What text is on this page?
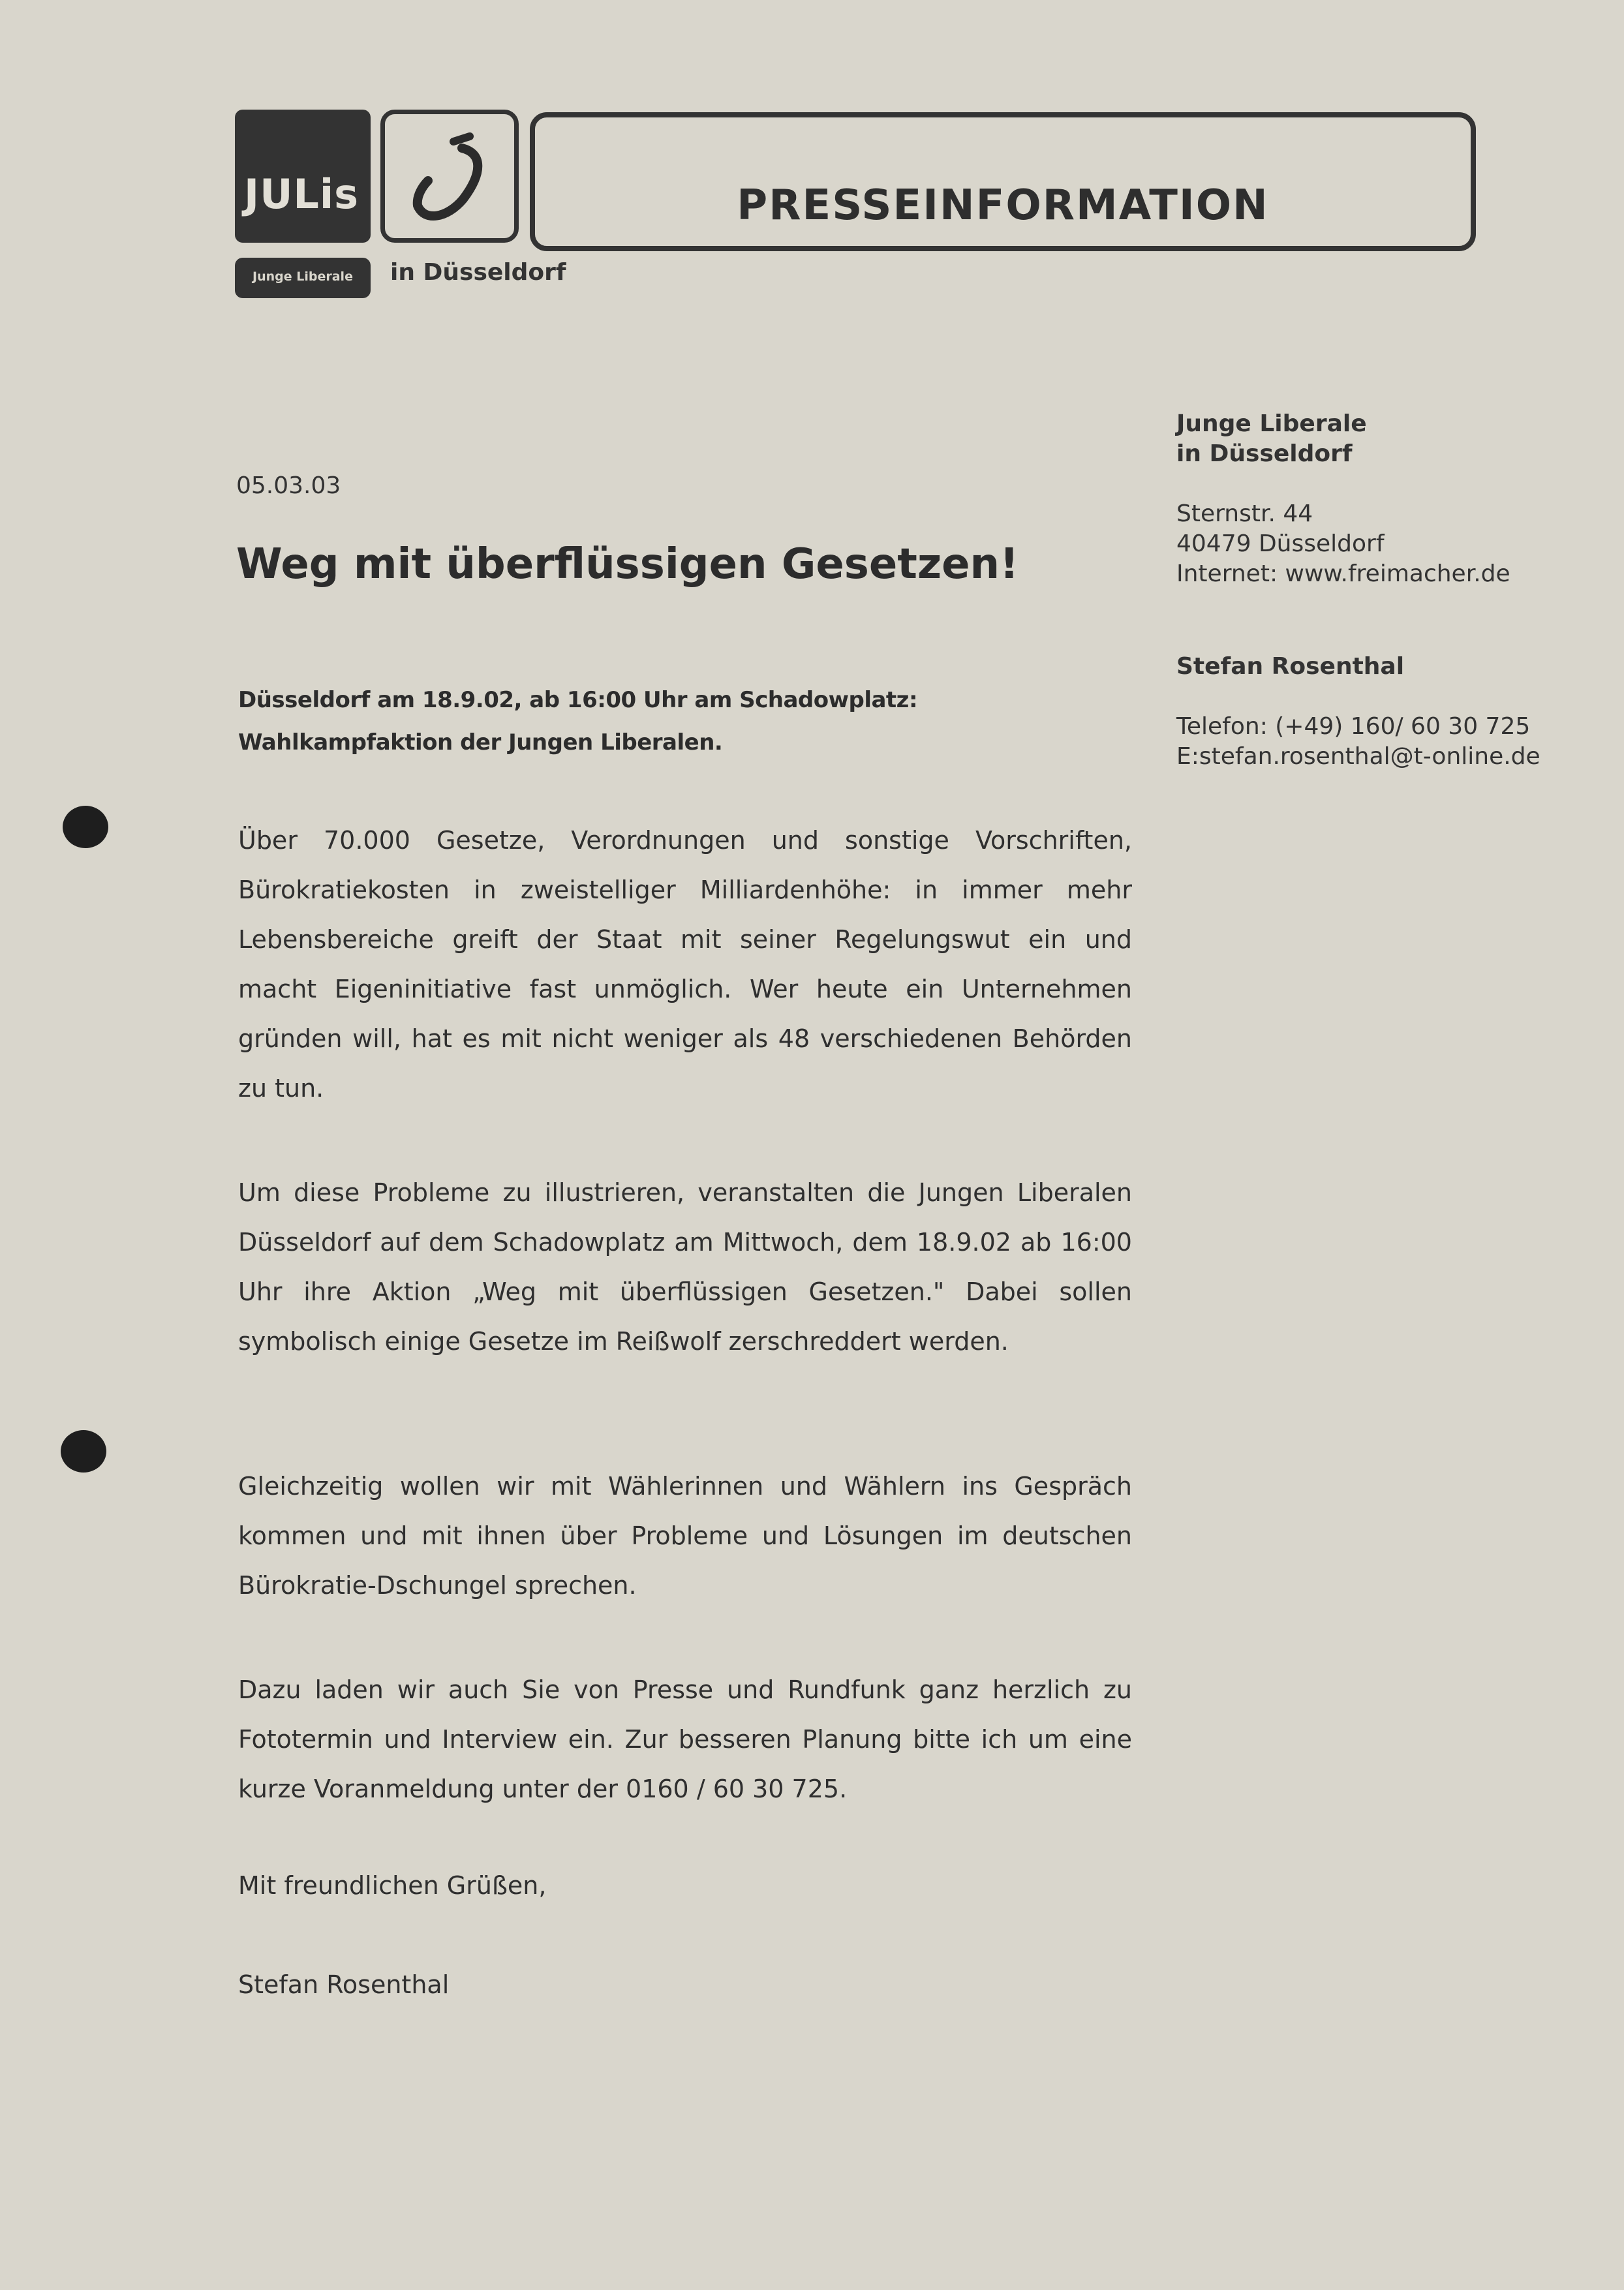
JULis	PRESSEINFORMATION
Junge Liberale	in Düsseldorf
Junge Liberale
in Düsseldorf
Sternstr. 44
40479 Düsseldorf
Internet: www.freimacher.de
Stefan Rosenthal
Telefon: (+49) 160/ 60 30 725
E:stefan.rosenthal@t-online.de
05.03.03
Weg mit überflüssigen Gesetzen!
Düsseldorf am 18.9.02, ab 16:00 Uhr am Schadowplatz:
Wahlkampfaktion der Jungen Liberalen.
Über 70.000 Gesetze, Verordnungen und sonstige Vorschriften, Bürokratiekosten in zweistelliger Milliardenhöhe: in immer mehr Lebensbereiche greift der Staat mit seiner Regelungswut ein und macht Eigeninitiative fast unmöglich. Wer heute ein Unternehmen gründen will, hat es mit nicht weniger als 48 verschiedenen Behörden zu tun.
Um diese Probleme zu illustrieren, veranstalten die Jungen Liberalen Düsseldorf auf dem Schadowplatz am Mittwoch, dem 18.9.02 ab 16:00 Uhr ihre Aktion „Weg mit überflüssigen Gesetzen." Dabei sollen symbolisch einige Gesetze im Reißwolf zerschreddert werden.
Gleichzeitig wollen wir mit Wählerinnen und Wählern ins Gespräch kommen und mit ihnen über Probleme und Lösungen im deutschen Bürokratie-Dschungel sprechen.
Dazu laden wir auch Sie von Presse und Rundfunk ganz herzlich zu Fototermin und Interview ein. Zur besseren Planung bitte ich um eine kurze Voranmeldung unter der 0160 / 60 30 725.
Mit freundlichen Grüßen,
Stefan Rosenthal
